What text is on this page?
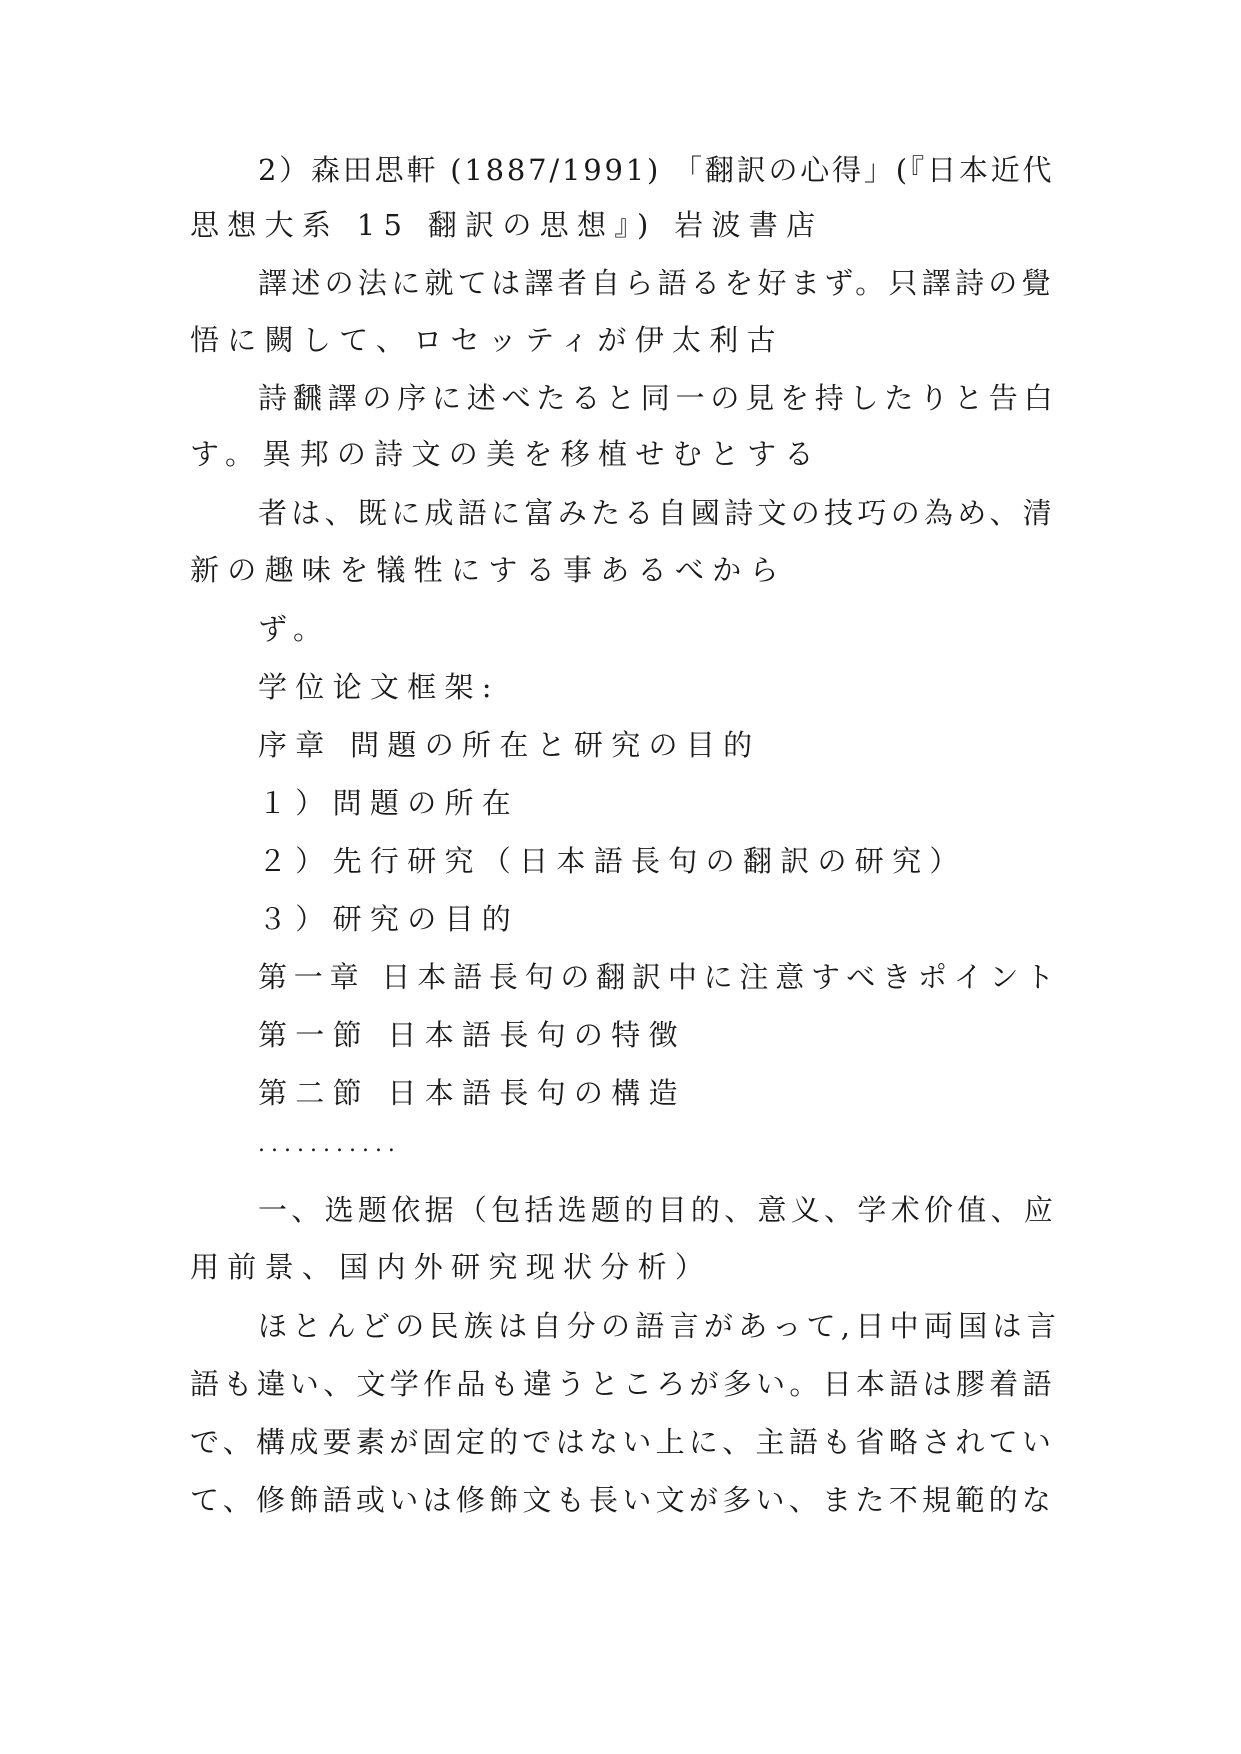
2）森田思軒 (1887/1991) 「翻訳の心得」(『日本近代
思想大系 15 翻訳の思想』) 岩波書店
譯述の法に就ては譯者自ら語るを好まず。只譯詩の覺
悟に闕して、ロセッティが伊太利古
詩飜譯の序に述べたると同一の見を持したりと告白
す。異邦の詩文の美を移植せむとする
者は、既に成語に富みたる自國詩文の技巧の為め、清
新の趣味を犠牲にする事あるべから
ず。
学位论文框架:
序章 問題の所在と研究の目的
１）問題の所在
２）先行研究（日本語長句の翻訳の研究）
３）研究の目的
第一章 日本語長句の翻訳中に注意すべきポイント
第一節 日本語長句の特徴
第二節 日本語長句の構造
...........
一、选题依据（包括选题的目的、意义、学术价值、应
用前景、国内外研究现状分析）
ほとんどの民族は自分の語言があって,日中両国は言
語も違い、文学作品も違うところが多い。日本語は膠着語
で、構成要素が固定的ではない上に、主語も省略されてい
て、修飾語或いは修飾文も長い文が多い、また不規範的な
